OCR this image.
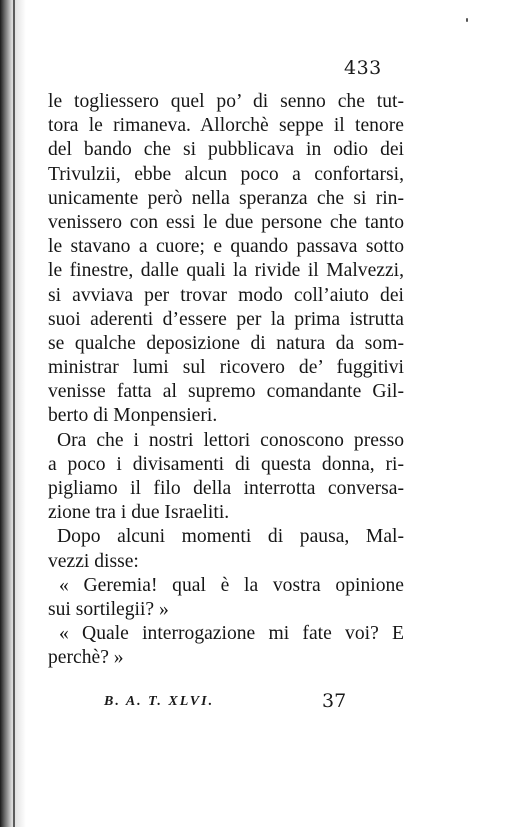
433
le togliessero quel po’ di senno che tut-
tora le rimaneva. Allorchè seppe il tenore
del bando che si pubblicava in odio dei
Trivulzii, ebbe alcun poco a confortarsi,
unicamente però nella speranza che si rin-
venissero con essi le due persone che tanto
le stavano a cuore; e quando passava sotto
le finestre, dalle quali la rivide il Malvezzi,
si avviava per trovar modo coll’aiuto dei
suoi aderenti d’essere per la prima istrutta
se qualche deposizione di natura da som-
ministrar lumi sul ricovero de’ fuggitivi
venisse fatta al supremo comandante Gil-
berto di Monpensieri.
Ora che i nostri lettori conoscono presso
a poco i divisamenti di questa donna, ri-
pigliamo il filo della interrotta conversa-
zione tra i due Israeliti.
Dopo alcuni momenti di pausa, Mal-
vezzi disse:
« Geremia! qual è la vostra opinione
sui sortilegii? »
« Quale interrogazione mi fate voi? E
perchè? »
B. A. T. XLVI.	37
